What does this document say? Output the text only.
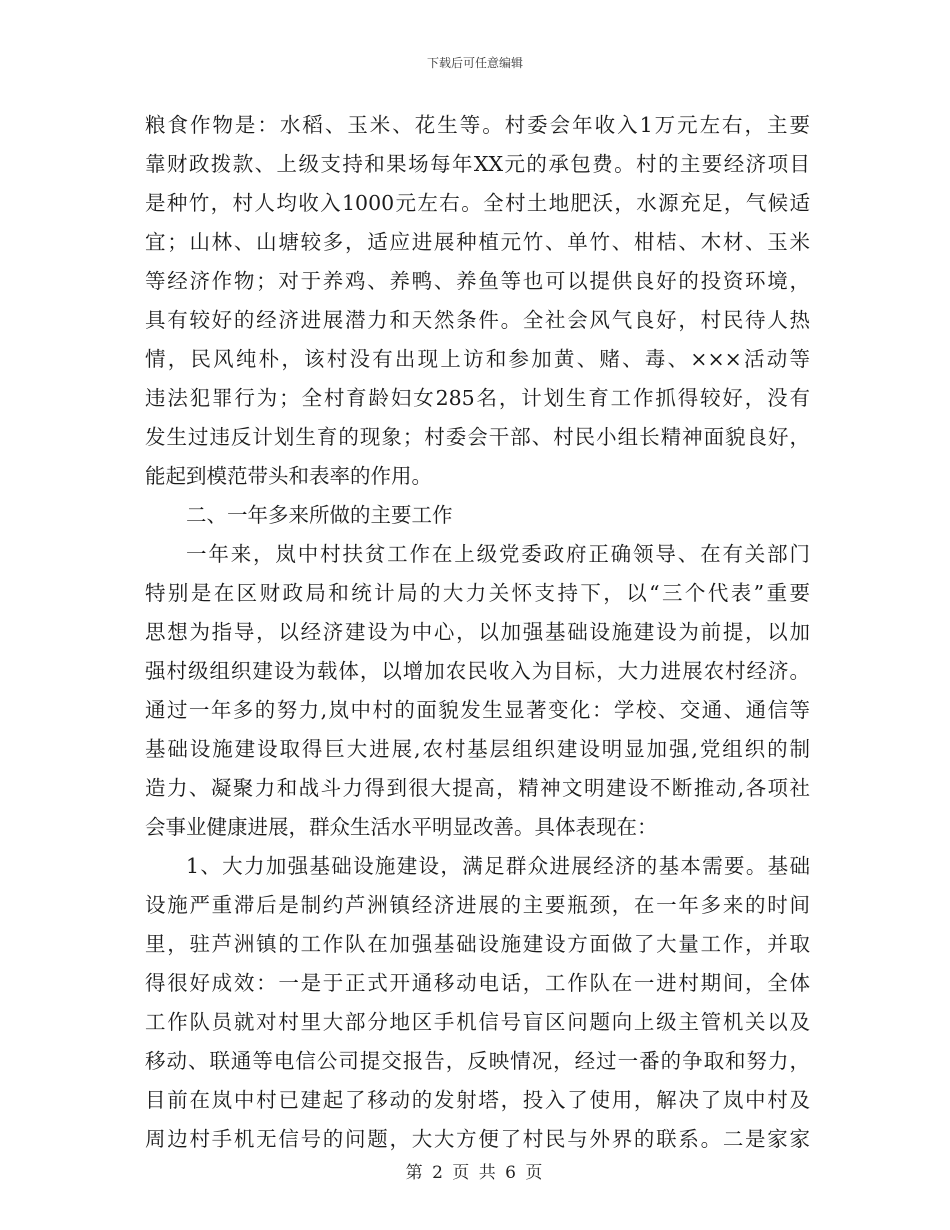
下载后可任意编辑
粮食作物是：水稻、玉米、花生等。村委会年收入1万元左右，主要
靠财政拨款、上级支持和果场每年XX元的承包费。村的主要经济项目
是种竹，村人均收入1000元左右。全村土地肥沃，水源充足，气候适
宜；山林、山塘较多，适应进展种植元竹、单竹、柑桔、木材、玉米
等经济作物；对于养鸡、养鸭、养鱼等也可以提供良好的投资环境，
具有较好的经济进展潜力和天然条件。全社会风气良好，村民待人热
情，民风纯朴，该村没有出现上访和参加黄、赌、毒、×××活动等
违法犯罪行为；全村育龄妇女285名，计划生育工作抓得较好，没有
发生过违反计划生育的现象；村委会干部、村民小组长精神面貌良好，
能起到模范带头和表率的作用。
二、一年多来所做的主要工作
一年来，岚中村扶贫工作在上级党委政府正确领导、在有关部门
特别是在区财政局和统计局的大力关怀支持下，以“三个代表”重要
思想为指导，以经济建设为中心，以加强基础设施建设为前提，以加
强村级组织建设为载体，以增加农民收入为目标，大力进展农村经济。
通过一年多的努力,岚中村的面貌发生显著变化：学校、交通、通信等
基础设施建设取得巨大进展,农村基层组织建设明显加强,党组织的制
造力、凝聚力和战斗力得到很大提高，精神文明建设不断推动,各项社
会事业健康进展，群众生活水平明显改善。具体表现在：
1、大力加强基础设施建设，满足群众进展经济的基本需要。基础
设施严重滞后是制约芦洲镇经济进展的主要瓶颈，在一年多来的时间
里，驻芦洲镇的工作队在加强基础设施建设方面做了大量工作，并取
得很好成效：一是于正式开通移动电话，工作队在一进村期间，全体
工作队员就对村里大部分地区手机信号盲区问题向上级主管机关以及
移动、联通等电信公司提交报告，反映情况，经过一番的争取和努力，
目前在岚中村已建起了移动的发射塔，投入了使用，解决了岚中村及
周边村手机无信号的问题，大大方便了村民与外界的联系。二是家家
第 2 页 共 6 页
